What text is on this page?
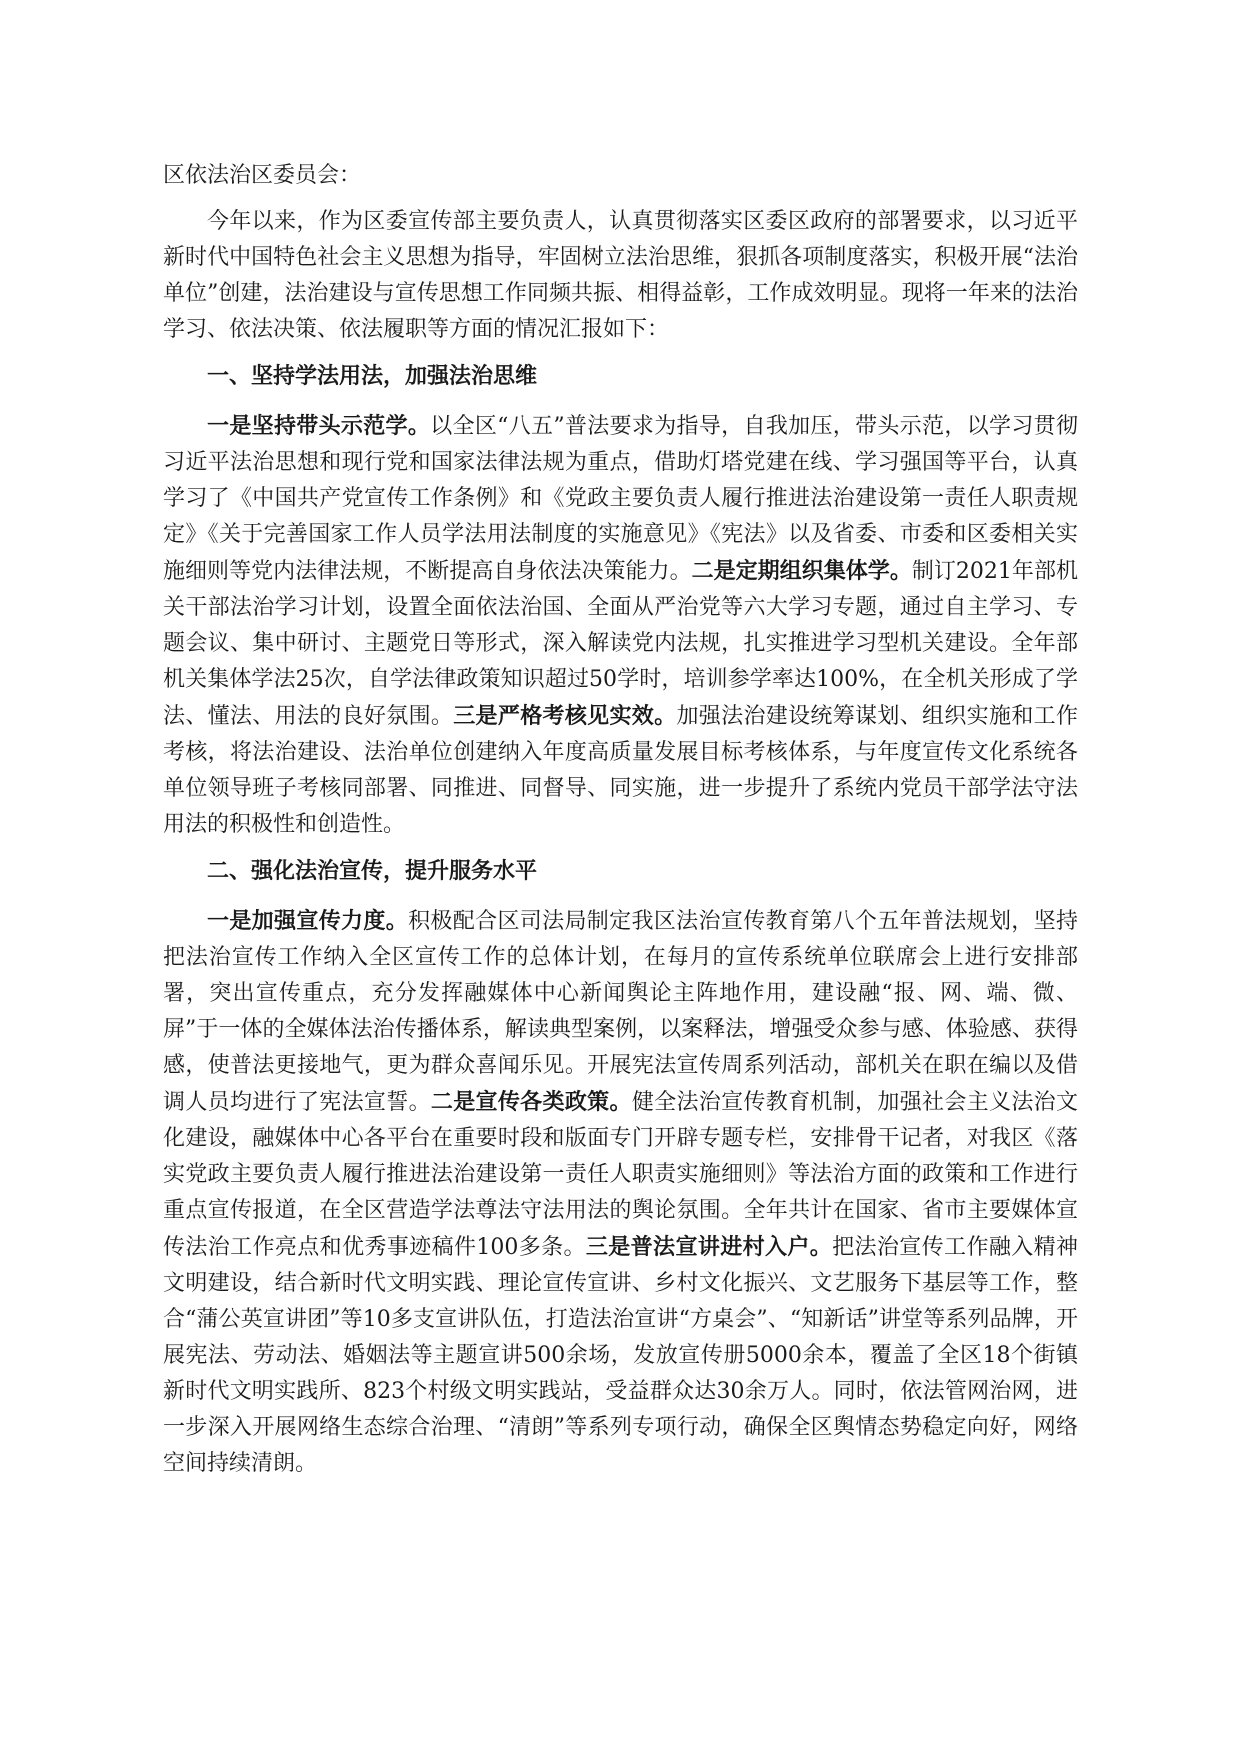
区依法治区委员会：

今年以来，作为区委宣传部主要负责人，认真贯彻落实区委区政府的部署要求，以习近平新时代中国特色社会主义思想为指导，牢固树立法治思维，狠抓各项制度落实，积极开展“法治单位”创建，法治建设与宣传思想工作同频共振、相得益彰，工作成效明显。现将一年来的法治学习、依法决策、依法履职等方面的情况汇报如下：

一、坚持学法用法，加强法治思维

一是坚持带头示范学。以全区“八五”普法要求为指导，自我加压，带头示范，以学习贯彻习近平法治思想和现行党和国家法律法规为重点，借助灯塔党建在线、学习强国等平台，认真学习了《中国共产党宣传工作条例》和《党政主要负责人履行推进法治建设第一责任人职责规定》《关于完善国家工作人员学法用法制度的实施意见》《宪法》以及省委、市委和区委相关实施细则等党内法律法规，不断提高自身依法决策能力。二是定期组织集体学。制订2021年部机关干部法治学习计划，设置全面依法治国、全面从严治党等六大学习专题，通过自主学习、专题会议、集中研讨、主题党日等形式，深入解读党内法规，扎实推进学习型机关建设。全年部机关集体学法25次，自学法律政策知识超过50学时，培训参学率达100%，在全机关形成了学法、懂法、用法的良好氛围。三是严格考核见实效。加强法治建设统筹谋划、组织实施和工作考核，将法治建设、法治单位创建纳入年度高质量发展目标考核体系，与年度宣传文化系统各单位领导班子考核同部署、同推进、同督导、同实施，进一步提升了系统内党员干部学法守法用法的积极性和创造性。

二、强化法治宣传，提升服务水平

一是加强宣传力度。积极配合区司法局制定我区法治宣传教育第八个五年普法规划，坚持把法治宣传工作纳入全区宣传工作的总体计划，在每月的宣传系统单位联席会上进行安排部署，突出宣传重点，充分发挥融媒体中心新闻舆论主阵地作用，建设融“报、网、端、微、屏”于一体的全媒体法治传播体系，解读典型案例，以案释法，增强受众参与感、体验感、获得感，使普法更接地气，更为群众喜闻乐见。开展宪法宣传周系列活动，部机关在职在编以及借调人员均进行了宪法宣誓。二是宣传各类政策。健全法治宣传教育机制，加强社会主义法治文化建设，融媒体中心各平台在重要时段和版面专门开辟专题专栏，安排骨干记者，对我区《落实党政主要负责人履行推进法治建设第一责任人职责实施细则》等法治方面的政策和工作进行重点宣传报道，在全区营造学法尊法守法用法的舆论氛围。全年共计在国家、省市主要媒体宣传法治工作亮点和优秀事迹稿件100多条。三是普法宣讲进村入户。把法治宣传工作融入精神文明建设，结合新时代文明实践、理论宣传宣讲、乡村文化振兴、文艺服务下基层等工作，整合“蒲公英宣讲团”等10多支宣讲队伍，打造法治宣讲“方桌会”、“知新话”讲堂等系列品牌，开展宪法、劳动法、婚姻法等主题宣讲500余场，发放宣传册5000余本，覆盖了全区18个街镇新时代文明实践所、823个村级文明实践站，受益群众达30余万人。同时，依法管网治网，进一步深入开展网络生态综合治理、“清朗”等系列专项行动，确保全区舆情态势稳定向好，网络空间持续清朗。
